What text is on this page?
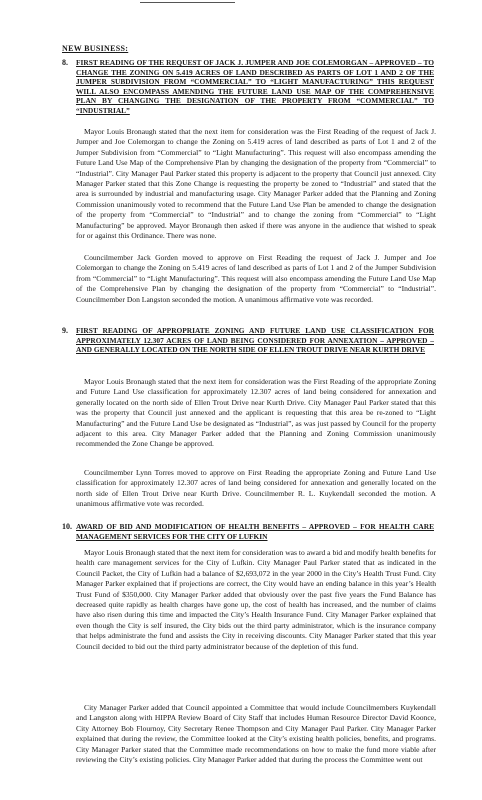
NEW BUSINESS:
8. FIRST READING OF THE REQUEST OF JACK J. JUMPER AND JOE COLEMORGAN – APPROVED – TO CHANGE THE ZONING ON 5.419 ACRES OF LAND DESCRIBED AS PARTS OF LOT 1 AND 2 OF THE JUMPER SUBDIVISION FROM “COMMERCIAL” TO “LIGHT MANUFACTURING” THIS REQUEST WILL ALSO ENCOMPASS AMENDING THE FUTURE LAND USE MAP OF THE COMPREHENSIVE PLAN BY CHANGING THE DESIGNATION OF THE PROPERTY FROM “COMMERCIAL” TO “INDUSTRIAL”
Mayor Louis Bronaugh stated that the next item for consideration was the First Reading of the request of Jack J. Jumper and Joe Colemorgan to change the Zoning on 5.419 acres of land described as parts of Lot 1 and 2 of the Jumper Subdivision from “Commercial” to “Light Manufacturing”. This request will also encompass amending the Future Land Use Map of the Comprehensive Plan by changing the designation of the property from “Commercial” to “Industrial”. City Manager Paul Parker stated this property is adjacent to the property that Council just annexed. City Manager Parker stated that this Zone Change is requesting the property be zoned to “Industrial” and stated that the area is surrounded by industrial and manufacturing usage. City Manager Parker added that the Planning and Zoning Commission unanimously voted to recommend that the Future Land Use Plan be amended to change the designation of the property from “Commercial” to “Industrial” and to change the zoning from “Commercial” to “Light Manufacturing” be approved. Mayor Bronaugh then asked if there was anyone in the audience that wished to speak for or against this Ordinance. There was none.
Councilmember Jack Gorden moved to approve on First Reading the request of Jack J. Jumper and Joe Colemorgan to change the Zoning on 5.419 acres of land described as parts of Lot 1 and 2 of the Jumper Subdivision from “Commercial” to “Light Manufacturing”. This request will also encompass amending the Future Land Use Map of the Comprehensive Plan by changing the designation of the property from “Commercial” to “Industrial”. Councilmember Don Langston seconded the motion. A unanimous affirmative vote was recorded.
9. FIRST READING OF APPROPRIATE ZONING AND FUTURE LAND USE CLASSIFICATION FOR APPROXIMATELY 12.307 ACRES OF LAND BEING CONSIDERED FOR ANNEXATION – APPROVED – AND GENERALLY LOCATED ON THE NORTH SIDE OF ELLEN TROUT DRIVE NEAR KURTH DRIVE
Mayor Louis Bronaugh stated that the next item for consideration was the First Reading of the appropriate Zoning and Future Land Use classification for approximately 12.307 acres of land being considered for annexation and generally located on the north side of Ellen Trout Drive near Kurth Drive. City Manager Paul Parker stated that this was the property that Council just annexed and the applicant is requesting that this area be re-zoned to “Light Manufacturing” and the Future Land Use be designated as “Industrial”, as was just passed by Council for the property adjacent to this area. City Manager Parker added that the Planning and Zoning Commission unanimously recommended the Zone Change be approved.
Councilmember Lynn Torres moved to approve on First Reading the appropriate Zoning and Future Land Use classification for approximately 12.307 acres of land being considered for annexation and generally located on the north side of Ellen Trout Drive near Kurth Drive. Councilmember R. L. Kuykendall seconded the motion. A unanimous affirmative vote was recorded.
10. AWARD OF BID AND MODIFICATION OF HEALTH BENEFITS – APPROVED – FOR HEALTH CARE MANAGEMENT SERVICES FOR THE CITY OF LUFKIN
Mayor Louis Bronaugh stated that the next item for consideration was to award a bid and modify health benefits for health care management services for the City of Lufkin. City Manager Paul Parker stated that as indicated in the Council Packet, the City of Lufkin had a balance of $2,693,072 in the year 2000 in the City’s Health Trust Fund. City Manager Parker explained that if projections are correct, the City would have an ending balance in this year’s Health Trust Fund of $350,000. City Manager Parker added that obviously over the past five years the Fund Balance has decreased quite rapidly as health charges have gone up, the cost of health has increased, and the number of claims have also risen during this time and impacted the City’s Health Insurance Fund. City Manager Parker explained that even though the City is self insured, the City bids out the third party administrator, which is the insurance company that helps administrate the fund and assists the City in receiving discounts. City Manager Parker stated that this year Council decided to bid out the third party administrator because of the depletion of this fund.
City Manager Parker added that Council appointed a Committee that would include Councilmembers Kuykendall and Langston along with HIPPA Review Board of City Staff that includes Human Resource Director David Koonce, City Attorney Bob Flournoy, City Secretary Renee Thompson and City Manager Paul Parker. City Manager Parker explained that during the review, the Committee looked at the City’s existing health policies, benefits, and programs. City Manager Parker stated that the Committee made recommendations on how to make the fund more viable after reviewing the City’s existing policies. City Manager Parker added that during the process the Committee went out
